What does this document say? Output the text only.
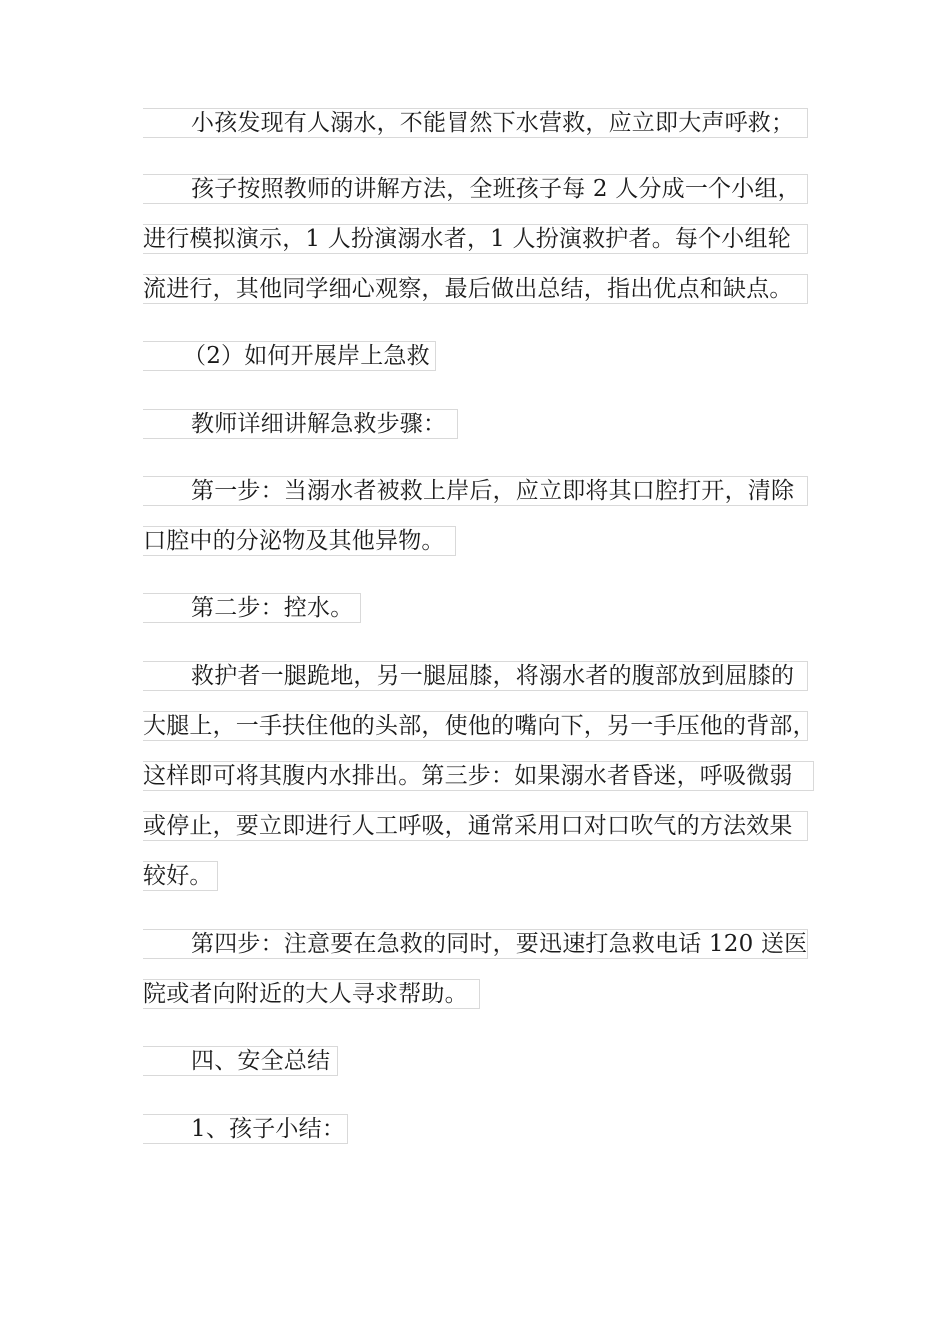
小孩发现有人溺水，不能冒然下水营救，应立即大声呼救；
孩子按照教师的讲解方法，全班孩子每 2 人分成一个小组，
进行模拟演示，1 人扮演溺水者，1 人扮演救护者。每个小组轮
流进行，其他同学细心观察，最后做出总结，指出优点和缺点。
（2）如何开展岸上急救
教师详细讲解急救步骤：
第一步：当溺水者被救上岸后，应立即将其口腔打开，清除
口腔中的分泌物及其他异物。
第二步：控水。
救护者一腿跪地，另一腿屈膝，将溺水者的腹部放到屈膝的
大腿上，一手扶住他的头部，使他的嘴向下，另一手压他的背部，
这样即可将其腹内水排出。第三步：如果溺水者昏迷，呼吸微弱
或停止，要立即进行人工呼吸，通常采用口对口吹气的方法效果
较好。
第四步：注意要在急救的同时，要迅速打急救电话 120 送医
院或者向附近的大人寻求帮助。
四、安全总结
1、孩子小结：
